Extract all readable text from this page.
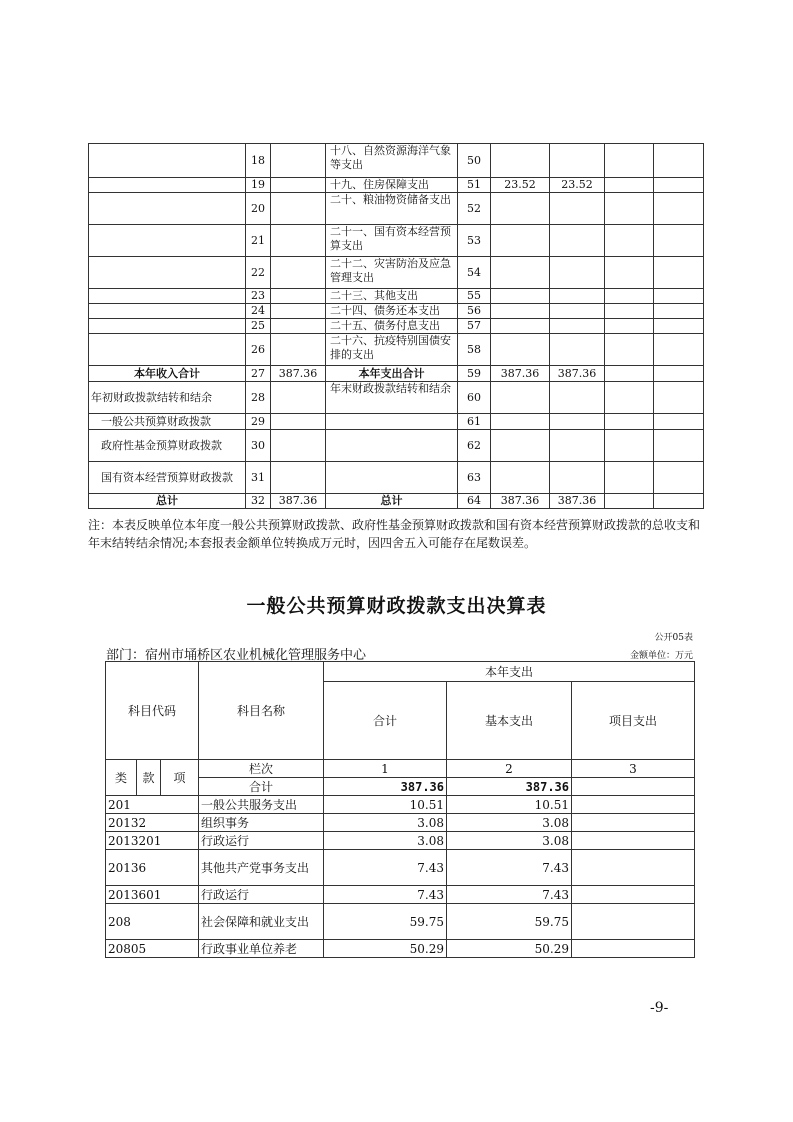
	18		十八、自然资源海洋气象等支出	50				
	19		十九、住房保障支出	51	23.52	23.52		
	20		二十、粮油物资储备支出	52				
	21		二十一、国有资本经营预算支出	53				
	22		二十二、灾害防治及应急管理支出	54				
	23		二十三、其他支出	55				
	24		二十四、债务还本支出	56				
	25		二十五、债务付息支出	57				
	26		二十六、抗疫特别国债安排的支出	58				
本年收入合计	27	387.36	本年支出合计	59	387.36	387.36		
年初财政拨款结转和结余	28		年末财政拨款结转和结余	60				
一般公共预算财政拨款	29			61				
政府性基金预算财政拨款	30			62				
国有资本经营预算财政拨款	31			63				
总计	32	387.36	总计	64	387.36	387.36		
注：本表反映单位本年度一般公共预算财政拨款、政府性基金预算财政拨款和国有资本经营预算财政拨款的总收支和年末结转结余情况;本套报表金额单位转换成万元时，因四舍五入可能存在尾数误差。
一般公共预算财政拨款支出决算表
公开05表
部门：宿州市埇桥区农业机械化管理服务中心	金额单位：万元
科目代码			科目名称	本年支出		
				合计	基本支出	项目支出
类	款	项	栏次	1	2	3
			合计	387.36	387.36	
201			一般公共服务支出	10.51	10.51	
20132			组织事务	3.08	3.08	
2013201			行政运行	3.08	3.08	
20136			其他共产党事务支出	7.43	7.43	
2013601			行政运行	7.43	7.43	
208			社会保障和就业支出	59.75	59.75	
20805			行政事业单位养老	50.29	50.29	
-9-
